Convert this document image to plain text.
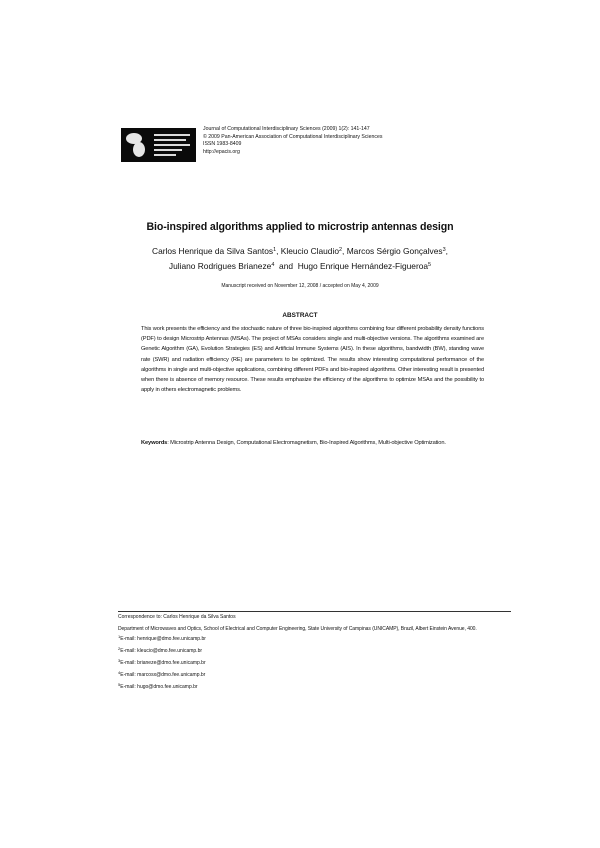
Journal of Computational Interdisciplinary Sciences (2009) 1(2): 141-147
© 2009 Pan-American Association of Computational Interdisciplinary Sciences
ISSN 1983-8409
http://epacis.org
Bio-inspired algorithms applied to microstrip antennas design
Carlos Henrique da Silva Santos$^1$, Kleucio Claudio$^2$, Marcos Sérgio Gonçalves$^3$,
Juliano Rodrigues Brianeze$^4$ and Hugo Enrique Hernández-Figueroa$^5$
Manuscript received on November 12, 2008 / accepted on May 4, 2009
ABSTRACT
This work presents the efficiency and the stochastic nature of three bio-inspired algorithms combining four different probability density functions (PDF) to design Microstrip Antennas (MSAs). The project of MSAs considers single and multi-objective versions. The algorithms examined are Genetic Algorithm (GA), Evolution Strategies (ES) and Artificial Immune Systems (AIS). In these algorithms, bandwidth (BW), standing wave rate (SWR) and radiation efficiency (RE) are parameters to be optimized. The results show interesting computational performance of the algorithms in single and multi-objective applications, combining different PDFs and bio-inspired algorithms. Other interesting result is presented when there is absence of memory resource. These results emphasize the efficiency of the algorithms to optimize MSAs and the possibility to apply in others electromagnetic problems.
Keywords: Microstrip Antenna Design, Computational Electromagnetism, Bio-Inspired Algorithms, Multi-objective Optimization.
Correspondence to: Carlos Henrique da Silva Santos
Department of Microwaves and Optics, School of Electrical and Computer Engineering, State University of Campinas (UNICAMP), Brazil, Albert Einstein Avenue, 400.
$^1$E-mail: henrique@dmo.fee.unicamp.br
$^2$E-mail: kleucio@dmo.fee.unicamp.br
$^3$E-mail: brianeze@dmo.fee.unicamp.br
$^4$E-mail: marcosx@dmo.fee.unicamp.br
$^5$E-mail: hugo@dmo.fee.unicamp.br
